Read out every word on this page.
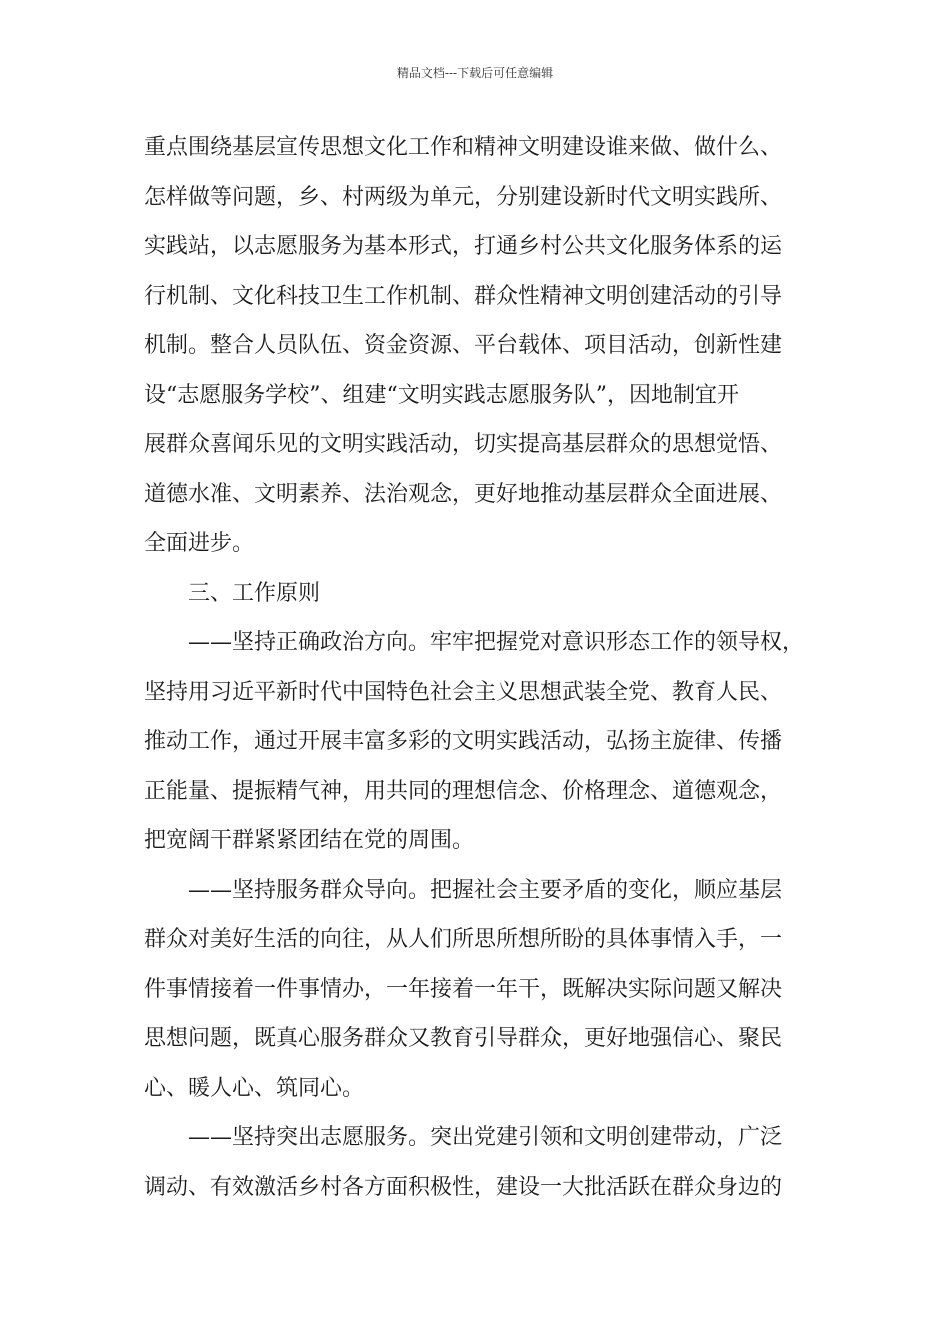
精品文档---下载后可任意编辑
重点围绕基层宣传思想文化工作和精神文明建设谁来做、做什么、
怎样做等问题，乡、村两级为单元，分别建设新时代文明实践所、
实践站，以志愿服务为基本形式，打通乡村公共文化服务体系的运
行机制、文化科技卫生工作机制、群众性精神文明创建活动的引导
机制。整合人员队伍、资金资源、平台载体、项目活动，创新性建
设“志愿服务学校”、组建“文明实践志愿服务队”，因地制宜开
展群众喜闻乐见的文明实践活动，切实提高基层群众的思想觉悟、
道德水准、文明素养、法治观念，更好地推动基层群众全面进展、
全面进步。
三、工作原则
——坚持正确政治方向。牢牢把握党对意识形态工作的领导权，
坚持用习近平新时代中国特色社会主义思想武装全党、教育人民、
推动工作，通过开展丰富多彩的文明实践活动，弘扬主旋律、传播
正能量、提振精气神，用共同的理想信念、价格理念、道德观念，
把宽阔干群紧紧团结在党的周围。
——坚持服务群众导向。把握社会主要矛盾的变化，顺应基层
群众对美好生活的向往，从人们所思所想所盼的具体事情入手，一
件事情接着一件事情办，一年接着一年干，既解决实际问题又解决
思想问题，既真心服务群众又教育引导群众，更好地强信心、聚民
心、暖人心、筑同心。
——坚持突出志愿服务。突出党建引领和文明创建带动，广泛
调动、有效激活乡村各方面积极性，建设一大批活跃在群众身边的
